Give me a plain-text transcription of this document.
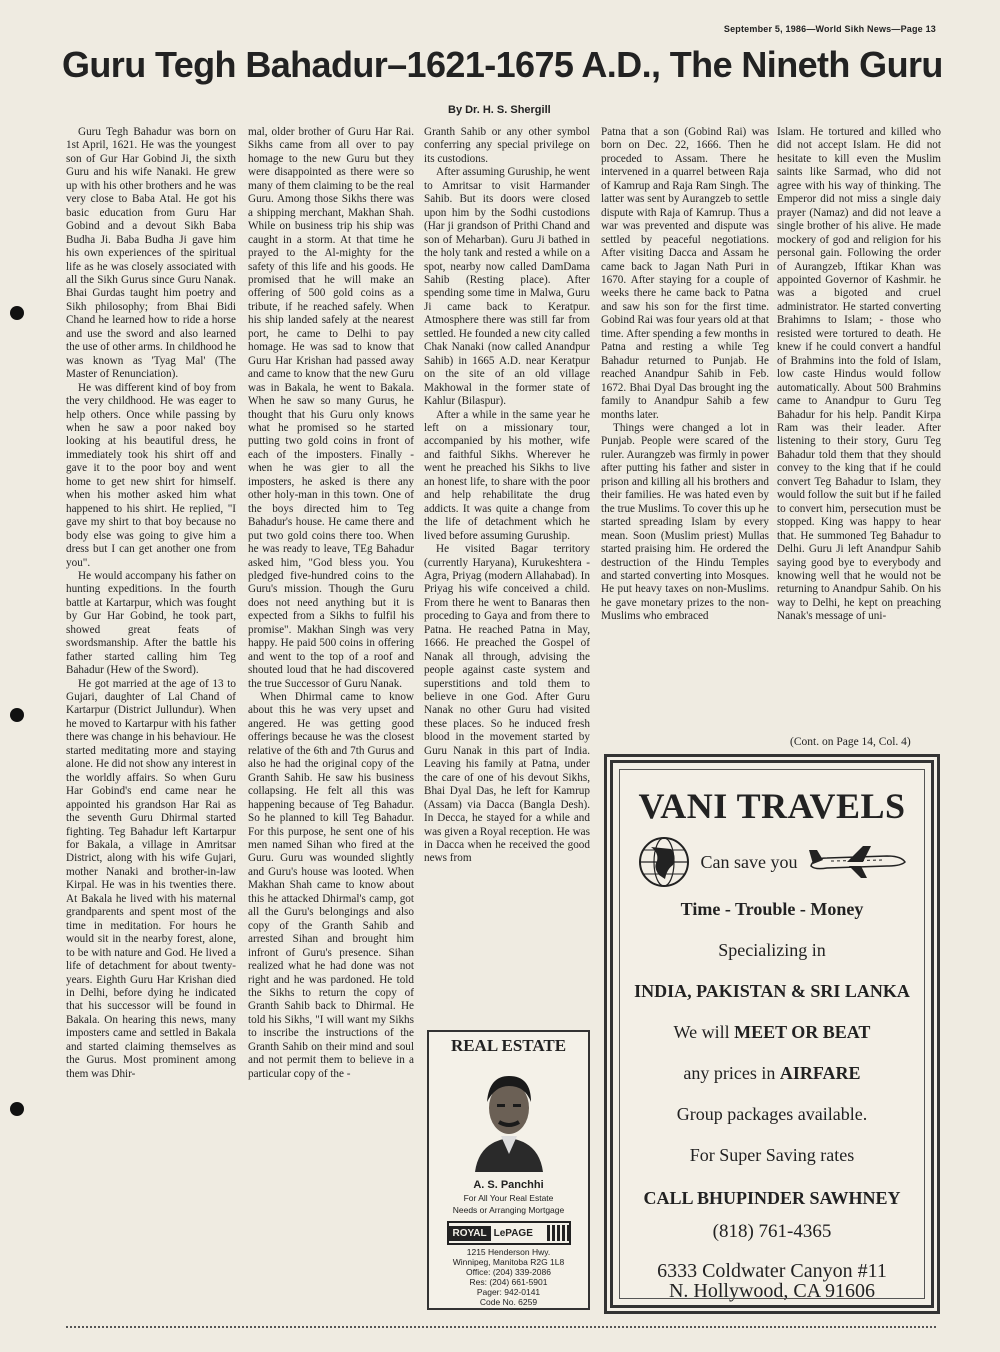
September 5, 1986—World Sikh News—Page 13
Guru Tegh Bahadur–1621-1675 A.D., The Nineth Guru
By Dr. H. S. Shergill

Guru Tegh Bahadur was born on 1st April, 1621. He was the youngest son of Gur Har Gobind Ji, the sixth Guru and his wife Nanaki. He grew up with his other brothers and he was very close to Baba Atal. He got his basic education from Guru Har Gobind and a devout Sikh Baba Budha Ji. Baba Budha Ji gave him his own experiences of the spiritual life as he was closely associated with all the Sikh Gurus since Guru Nanak. Bhai Gurdas taught him poetry and Sikh philosophy; from Bhai Bidi Chand he learned how to ride a horse and use the sword and also learned the use of other arms. In childhood he was known as 'Tyag Mal' (The Master of Renunciation).

He was different kind of boy from the very childhood. He was eager to help others. Once while passing by when he saw a poor naked boy looking at his beautiful dress, he immediately took his shirt off and gave it to the poor boy and went home to get new shirt for himself. when his mother asked him what happened to his shirt. He replied, "I gave my shirt to that boy because no body else was going to give him a dress but I can get another one from you".

He would accompany his father on hunting expeditions. In the fourth battle at Kartarpur, which was fought by Gur Har Gobind, he took part, showed great feats of swordsmanship. After the battle his father started calling him Teg Bahadur (Hew of the Sword).

He got married at the age of 13 to Gujari, daughter of Lal Chand of Kartarpur (District Jullundur). When he moved to Kartarpur with his father there was change in his behaviour. He started meditating more and staying alone. He did not show any interest in the worldly affairs. So when Guru Har Gobind's end came near he appointed his grandson Har Rai as the seventh Guru Dhirmal started fighting. Teg Bahadur left Kartarpur for Bakala, a village in Amritsar District, along with his wife Gujari, mother Nanaki and brother-in-law Kirpal. He was in his twenties there. At Bakala he lived with his maternal grandparents and spent most of the time in meditation. For hours he would sit in the nearby forest, alone, to be with nature and God. He lived a life of detachment for about twenty-years. Eighth Guru Har Krishan died in Delhi, before dying he indicated that his successor will be found in Bakala. On hearing this news, many imposters came and settled in Bakala and started claiming themselves as the Gurus. Most prominent among them was Dhir-

mal, older brother of Guru Har Rai. Sikhs came from all over to pay homage to the new Guru but they were disappointed as there were so many of them claiming to be the real Guru. Among those Sikhs there was a shipping merchant, Makhan Shah. While on business trip his ship was caught in a storm. At that time he prayed to the Al-mighty for the safety of this life and his goods. He promised that he will make an offering of 500 gold coins as a tribute, if he reached safely. When his ship landed safely at the nearest port, he came to Delhi to pay homage. He was sad to know that Guru Har Krishan had passed away and came to know that the new Guru was in Bakala, he went to Bakala. When he saw so many Gurus, he thought that his Guru only knows what he promised so he started putting two gold coins in front of each of the imposters. Finally - when he was gier to all the imposters, he asked is there any other holy-man in this town. One of the boys directed him to Teg Bahadur's house. He came there and put two gold coins there too. When he was ready to leave, TEg Bahadur asked him, "God bless you. You pledged five-hundred coins to the Guru's mission. Though the Guru does not need anything but it is expected from a Sikhs to fulfil his promise". Makhan Singh was very happy. He paid 500 coins in offering and went to the top of a roof and shouted loud that he had discovered the true Successor of Guru Nanak.

When Dhirmal came to know about this he was very upset and angered. He was getting good offerings because he was the closest relative of the 6th and 7th Gurus and also he had the original copy of the Granth Sahib. He saw his business collapsing. He felt all this was happening because of Teg Bahadur. So he planned to kill Teg Bahadur. For this purpose, he sent one of his men named Sihan who fired at the Guru. Guru was wounded slightly and Guru's house was looted. When Makhan Shah came to know about this he attacked Dhirmal's camp, got all the Guru's belongings and also copy of the Granth Sahib and arrested Sihan and brought him infront of Guru's presence. Sihan realized what he had done was not right and he was pardoned. He told the Sikhs to return the copy of Granth Sahib back to Dhirmal. He told his Sikhs, "I will want my Sikhs to inscribe the instructions of the Granth Sahib on their mind and soul and not permit them to believe in a particular copy of the -

Granth Sahib or any other symbol conferring any special privilege on its custodions.

After assuming Guruship, he went to Amritsar to visit Harmander Sahib. But its doors were closed upon him by the Sodhi custodions (Har ji grandson of Prithi Chand and son of Meharban). Guru Ji bathed in the holy tank and rested a while on a spot, nearby now called DamDama Sahib (Resting place). After spending some time in Malwa, Guru Ji came back to Keratpur. Atmosphere there was still far from settled. He founded a new city called Chak Nanaki (now called Anandpur Sahib) in 1665 A.D. near Keratpur on the site of an old village Makhowal in the former state of Kahlur (Bilaspur).

After a while in the same year he left on a missionary tour, accompanied by his mother, wife and faithful Sikhs. Wherever he went he preached his Sikhs to live an honest life, to share with the poor and help rehabilitate the drug addicts. It was quite a change from the life of detachment which he lived before assuming Guruship.

He visited Bagar territory (currently Haryana), Kurukeshtera - Agra, Priyag (modern Allahabad). In Priyag his wife conceived a child. From there he went to Banaras then proceding to Gaya and from there to Patna. He reached Patna in May, 1666. He preached the Gospel of Nanak all through, advising the people against caste system and superstitions and told them to believe in one God. After Guru Nanak no other Guru had visited these places. So he induced fresh blood in the movement started by Guru Nanak in this part of India. Leaving his family at Patna, under the care of one of his devout Sikhs, Bhai Dyal Das, he left for Kamrup (Assam) via Dacca (Bangla Desh). In Decca, he stayed for a while and was given a Royal reception. He was in Dacca when he received the good news from

Patna that a son (Gobind Rai) was born on Dec. 22, 1666. Then he proceded to Assam. There he intervened in a quarrel between Raja of Kamrup and Raja Ram Singh. The latter was sent by Aurangzeb to settle dispute with Raja of Kamrup. Thus a war was prevented and dispute was settled by peaceful negotiations. After visiting Dacca and Assam he came back to Jagan Nath Puri in 1670. After staying for a couple of weeks there he came back to Patna and saw his son for the first time. Gobind Rai was four years old at that time. After spending a few months in Patna and resting a while Teg Bahadur returned to Punjab. He reached Anandpur Sahib in Feb. 1672. Bhai Dyal Das brought ing the family to Anandpur Sahib a few months later.

Things were changed a lot in Punjab. People were scared of the ruler. Aurangzeb was firmly in power after putting his father and sister in prison and killing all his brothers and their families. He was hated even by the true Muslims. To cover this up he started spreading Islam by every mean. Soon (Muslim priest) Mullas started praising him. He ordered the destruction of the Hindu Temples and started converting into Mosques. He put heavy taxes on non-Muslims. he gave monetary prizes to the non-Muslims who embraced

Islam. He tortured and killed who did not accept Islam. He did not hesitate to kill even the Muslim saints like Sarmad, who did not agree with his way of thinking. The Emperor did not miss a single daiy prayer (Namaz) and did not leave a single brother of his alive. He made mockery of god and religion for his personal gain. Following the order of Aurangzeb, Iftikar Khan was appointed Governor of Kashmir. he was a bigoted and cruel administrator. He started converting Brahimns to Islam; - those who resisted were tortured to death. He knew if he could convert a handful of Brahmins into the fold of Islam, low caste Hindus would follow automatically. About 500 Brahmins came to Anandpur to Guru Teg Bahadur for his help. Pandit Kirpa Ram was their leader. After listening to their story, Guru Teg Bahadur told them that they should convey to the king that if he could convert Teg Bahadur to Islam, they would follow the suit but if he failed to convert him, persecution must be stopped. King was happy to hear that. He summoned Teg Bahadur to Delhi. Guru Ji left Anandpur Sahib saying good bye to everybody and knowing well that he would not be returning to Anandpur Sahib. On his way to Delhi, he kept on preaching Nanak's message of uni-

(Cont. on Page 14, Col. 4)
REAL ESTATE
A. S. Panchhi
For All Your Real Estate
Needs or Arranging Mortgage
ROYAL LePAGE
1215 Henderson Hwy.
Winnipeg, Manitoba R2G 1L8
Office: (204) 339-2086
Res: (204) 661-5901
Pager: 942-0141
Code No. 6259
VANI TRAVELS
Can save you
Time - Trouble - Money
Specializing in
INDIA, PAKISTAN & SRI LANKA
We will MEET OR BEAT
any prices in AIRFARE
Group packages available.
For Super Saving rates
CALL BHUPINDER SAWHNEY
(818) 761-4365
6333 Coldwater Canyon #11
N. Hollywood, CA 91606
